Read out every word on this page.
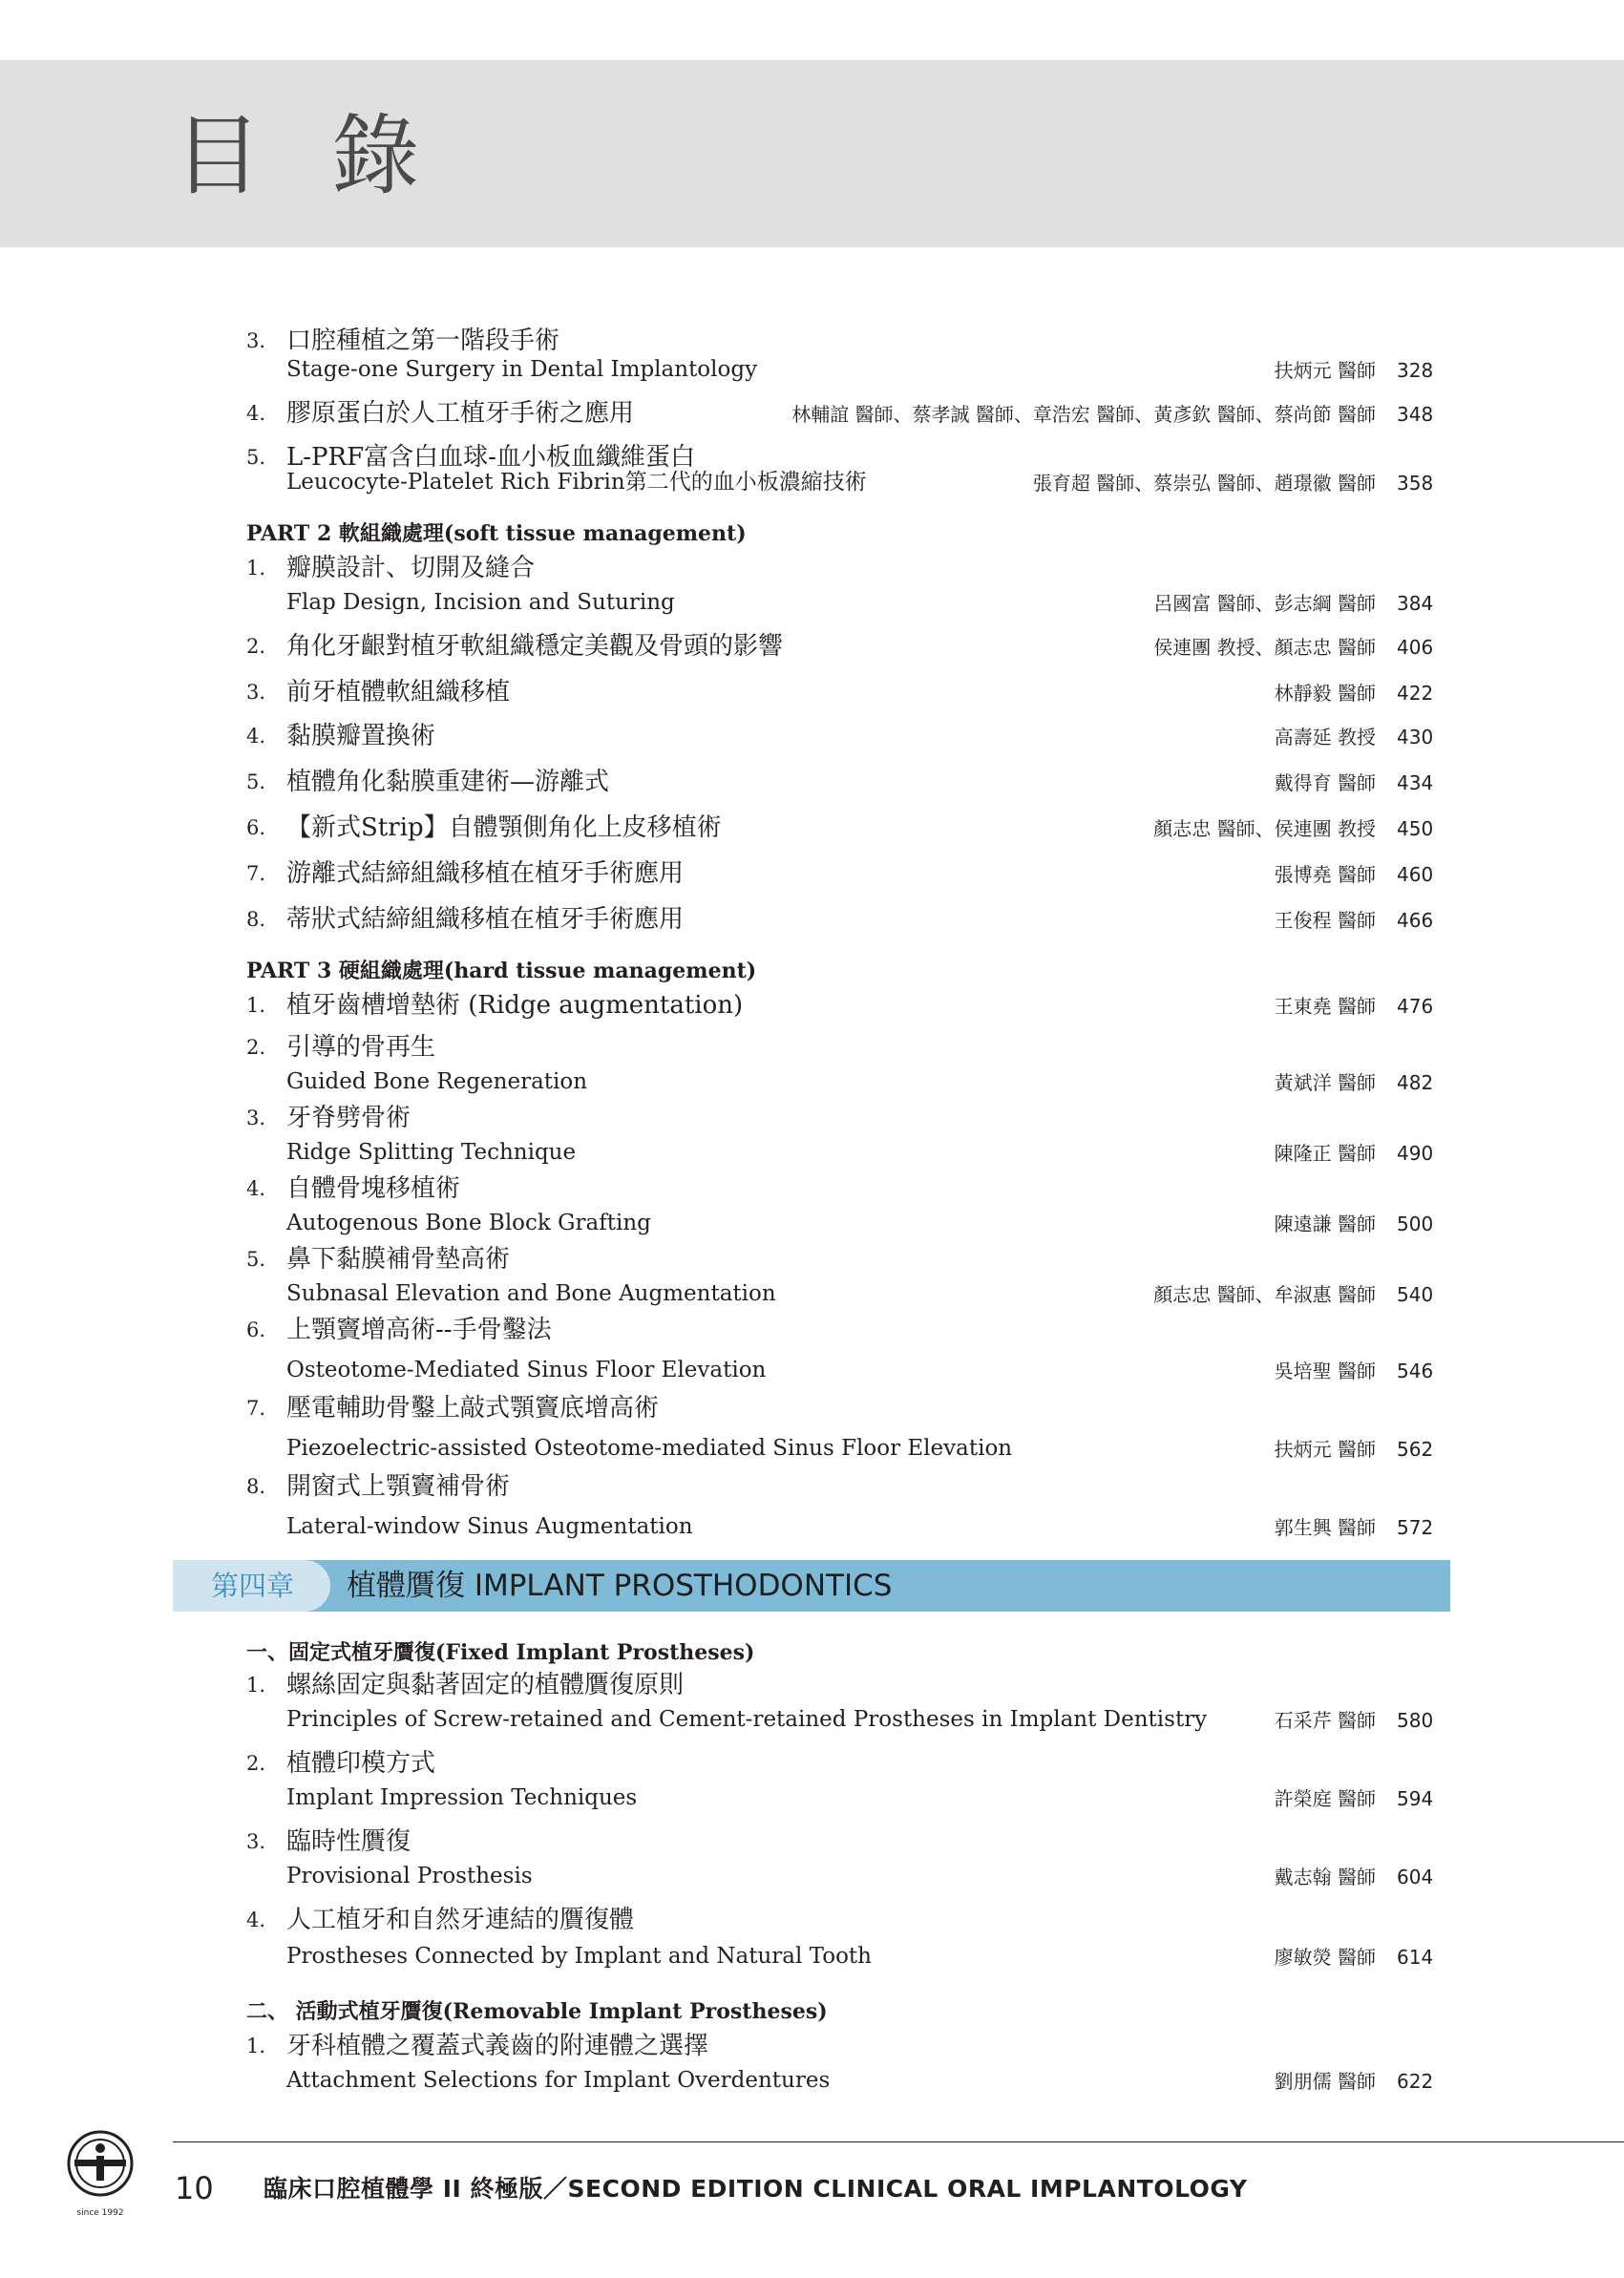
目 錄
3. 口腔種植之第一階段手術
Stage-one Surgery in Dental Implantology	扶炳元 醫師 328
4. 膠原蛋白於人工植牙手術之應用	林輔誼 醫師、蔡孝誠 醫師、章浩宏 醫師、黃彥欽 醫師、蔡尚節 醫師 348
5. L-PRF富含白血球-血小板血纖維蛋白
Leucocyte-Platelet Rich Fibrin第二代的血小板濃縮技術	張育超 醫師、蔡崇弘 醫師、趙璟徽 醫師 358
PART 2 軟組織處理(soft tissue management)
1. 瓣膜設計、切開及縫合
Flap Design, Incision and Suturing	呂國富 醫師、彭志綱 醫師 384
2. 角化牙齦對植牙軟組織穩定美觀及骨頭的影響	侯連團 教授、顏志忠 醫師 406
3. 前牙植體軟組織移植	林靜毅 醫師 422
4. 黏膜瓣置換術	高壽延 教授 430
5. 植體角化黏膜重建術—游離式	戴得育 醫師 434
6. 【新式Strip】自體顎側角化上皮移植術	顏志忠 醫師、侯連團 教授 450
7. 游離式結締組織移植在植牙手術應用	張博堯 醫師 460
8. 蒂狀式結締組織移植在植牙手術應用	王俊程 醫師 466
PART 3 硬組織處理(hard tissue management)
1. 植牙齒槽增墊術 (Ridge augmentation)	王東堯 醫師 476
2. 引導的骨再生
Guided Bone Regeneration	黃斌洋 醫師 482
3. 牙脊劈骨術
Ridge Splitting Technique	陳隆正 醫師 490
4. 自體骨塊移植術
Autogenous Bone Block Grafting	陳遠謙 醫師 500
5. 鼻下黏膜補骨墊高術
Subnasal Elevation and Bone Augmentation	顏志忠 醫師、牟淑惠 醫師 540
6. 上顎竇增高術--手骨鑿法
Osteotome-Mediated Sinus Floor Elevation	吳培聖 醫師 546
7. 壓電輔助骨鑿上敲式顎竇底增高術
Piezoelectric-assisted Osteotome-mediated Sinus Floor Elevation	扶炳元 醫師 562
8. 開窗式上顎竇補骨術
Lateral-window Sinus Augmentation	郭生興 醫師 572
一、固定式植牙贋復(Fixed Implant Prostheses)
1. 螺絲固定與黏著固定的植體贋復原則
Principles of Screw-retained and Cement-retained Prostheses in Implant Dentistry	石采芹 醫師 580
2. 植體印模方式
Implant Impression Techniques	許榮庭 醫師 594
3. 臨時性贋復
Provisional Prosthesis	戴志翰 醫師 604
4. 人工植牙和自然牙連結的贋復體
Prostheses Connected by Implant and Natural Tooth	廖敏熒 醫師 614
二、 活動式植牙贋復(Removable Implant Prostheses)
1. 牙科植體之覆蓋式義齒的附連體之選擇
Attachment Selections for Implant Overdentures	劉朋儒 醫師 622
第四章 植體贋復 IMPLANT PROSTHODONTICS
since 1992
10 臨床口腔植體學 II 終極版／SECOND EDITION CLINICAL ORAL IMPLANTOLOGY
